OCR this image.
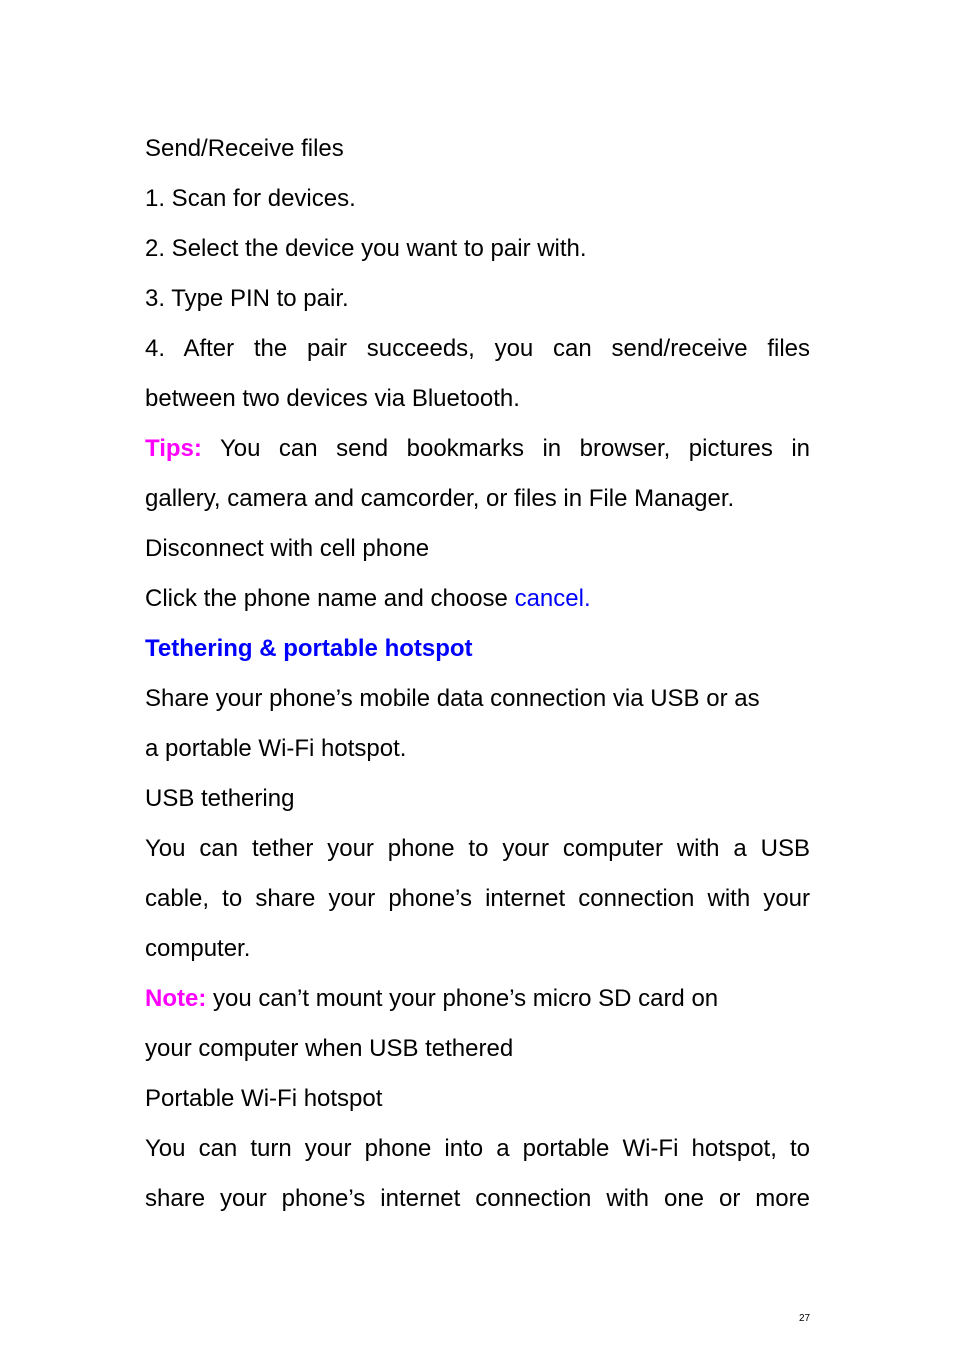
Send/Receive files
1. Scan for devices.
2. Select the device you want to pair with.
3. Type PIN to pair.
4. After the pair succeeds, you can send/receive files
between two devices via Bluetooth.
Tips: You can send bookmarks in browser, pictures in
gallery, camera and camcorder, or files in File Manager.
Disconnect with cell phone
Click the phone name and choose cancel.
Tethering & portable hotspot
Share your phone’s mobile data connection via USB or as
a portable Wi-Fi hotspot.
USB tethering
You can tether your phone to your computer with a USB
cable, to share your phone’s internet connection with your
computer.
Note: you can’t mount your phone’s micro SD card on
your computer when USB tethered
Portable Wi-Fi hotspot
You can turn your phone into a portable Wi-Fi hotspot, to
share your phone’s internet connection with one or more
27
